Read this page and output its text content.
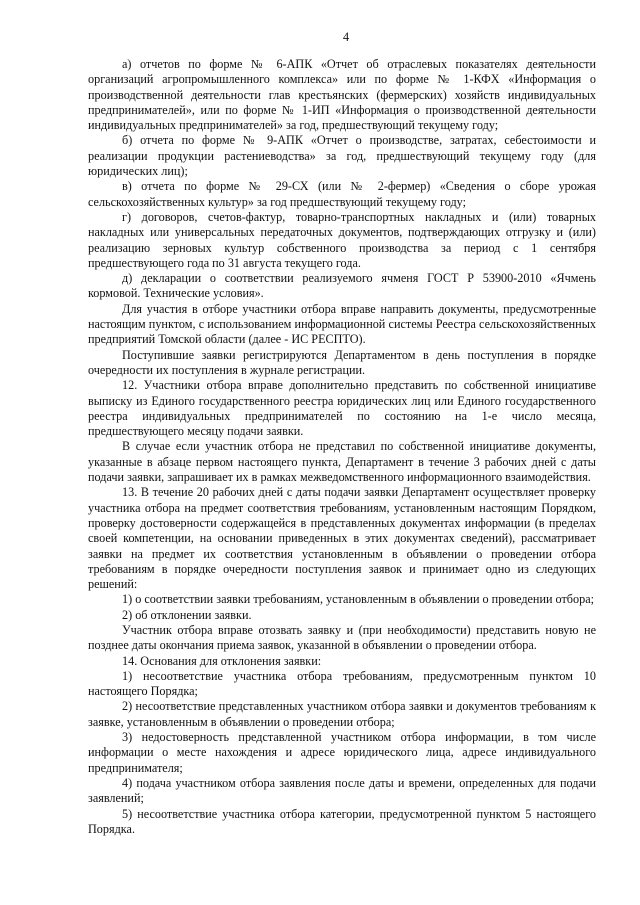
4

а) отчетов по форме № 6-АПК «Отчет об отраслевых показателях деятельности организаций агропромышленного комплекса» или по форме № 1-КФХ «Информация о производственной деятельности глав крестьянских (фермерских) хозяйств индивидуальных предпринимателей», или по форме № 1-ИП «Информация о производственной деятельности индивидуальных предпринимателей» за год, предшествующий текущему году;

б) отчета по форме № 9-АПК «Отчет о производстве, затратах, себестоимости и реализации продукции растениеводства» за год, предшествующий текущему году (для юридических лиц);

в) отчета по форме № 29-СХ (или № 2-фермер) «Сведения о сборе урожая сельскохозяйственных культур» за год предшествующий текущему году;

г) договоров, счетов-фактур, товарно-транспортных накладных и (или) товарных накладных или универсальных передаточных документов, подтверждающих отгрузку и (или) реализацию зерновых культур собственного производства за период с 1 сентября предшествующего года по 31 августа текущего года.

д) декларации о соответствии реализуемого ячменя ГОСТ Р 53900-2010 «Ячмень кормовой. Технические условия».

Для участия в отборе участники отбора вправе направить документы, предусмотренные настоящим пунктом, с использованием информационной системы Реестра сельскохозяйственных предприятий Томской области (далее - ИС РЕСПТО).

Поступившие заявки регистрируются Департаментом в день поступления в порядке очередности их поступления в журнале регистрации.

12. Участники отбора вправе дополнительно представить по собственной инициативе выписку из Единого государственного реестра юридических лиц или Единого государственного реестра индивидуальных предпринимателей по состоянию на 1-е число месяца, предшествующего месяцу подачи заявки.

В случае если участник отбора не представил по собственной инициативе документы, указанные в абзаце первом настоящего пункта, Департамент в течение 3 рабочих дней с даты подачи заявки, запрашивает их в рамках межведомственного информационного взаимодействия.

13. В течение 20 рабочих дней с даты подачи заявки Департамент осуществляет проверку участника отбора на предмет соответствия требованиям, установленным настоящим Порядком, проверку достоверности содержащейся в представленных документах информации (в пределах своей компетенции, на основании приведенных в этих документах сведений), рассматривает заявки на предмет их соответствия установленным в объявлении о проведении отбора требованиям в порядке очередности поступления заявок и принимает одно из следующих решений:

1) о соответствии заявки требованиям, установленным в объявлении о проведении отбора;

2) об отклонении заявки.

Участник отбора вправе отозвать заявку и (при необходимости) представить новую не позднее даты окончания приема заявок, указанной в объявлении о проведении отбора.

14. Основания для отклонения заявки:

1) несоответствие участника отбора требованиям, предусмотренным пунктом 10 настоящего Порядка;

2) несоответствие представленных участником отбора заявки и документов требованиям к заявке, установленным в объявлении о проведении отбора;

3) недостоверность представленной участником отбора информации, в том числе информации о месте нахождения и адресе юридического лица, адресе индивидуального предпринимателя;

4) подача участником отбора заявления после даты и времени, определенных для подачи заявлений;

5) несоответствие участника отбора категории, предусмотренной пунктом 5 настоящего Порядка.
